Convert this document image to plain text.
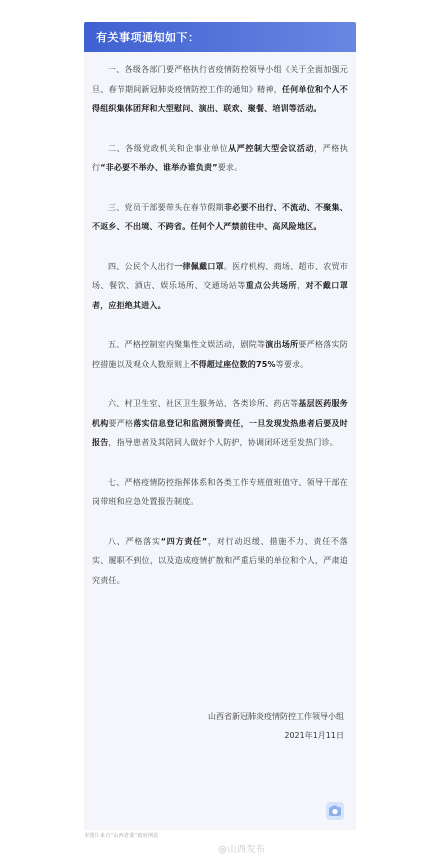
有关事项通知如下：

一、各级各部门要严格执行省疫情防控领导小组《关于全面加强元旦、春节期间新冠肺炎疫情防控工作的通知》精神，任何单位和个人不得组织集体团拜和大型慰问、演出、联欢、聚餐、培训等活动。

二、各级党政机关和企事业单位从严控制大型会议活动，严格执行“非必要不举办、谁举办谁负责”要求。

三、党员干部要带头在春节假期非必要不出行、不流动、不聚集、不返乡、不出境、不跨省。任何个人严禁前往中、高风险地区。

四、公民个人出行一律佩戴口罩。医疗机构、商场、超市、农贸市场、餐饮、酒店、娱乐场所、交通场站等重点公共场所，对不戴口罩者，应拒绝其进入。

五、严格控制室内聚集性文娱活动，剧院等演出场所要严格落实防控措施以及观众人数原则上不得超过座位数的75%等要求。

六、村卫生室、社区卫生服务站、各类诊所、药店等基层医药服务机构要严格落实信息登记和监测预警责任，一旦发现发热患者后要及时报告，指导患者及其陪同人做好个人防护，协调闭环送至发热门诊。

七、严格疫情防控指挥体系和各类工作专班值班值守、领导干部在岗带班和应急处置报告制度。

八、严格落实“四方责任”，对行动迟缓、措施不力、责任不落实、履职不到位，以及造成疫情扩散和严重后果的单位和个人，严肃追究责任。

山西省新冠肺炎疫情防控工作领导小组
2021年1月11日
本图片来自“山西省委”政府网站
@山西发布
